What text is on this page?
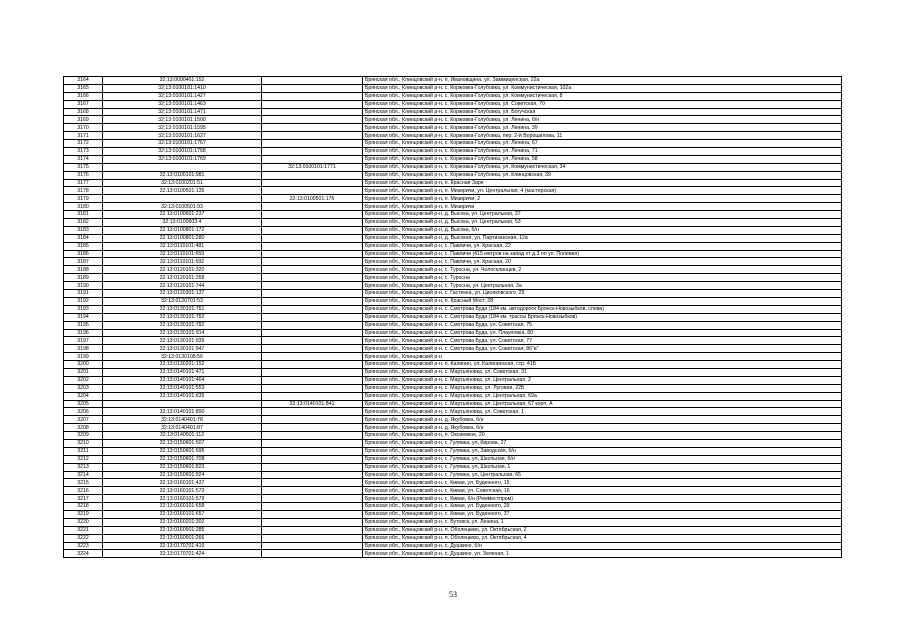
3164	32:13:0090401:152		Брянская обл., Клинцовский р-н, п. Ивановщина, ул. Заммиценская, 22а
3165	32:13:0100101:1410		Брянская обл., Клинцовский р-н, с. Коржовка-Голубовка, ул. Коммунистическая, 102а
3166	32:13:0100101:1427		Брянская обл., Клинцовский р-н, с. Коржовка-Голубовка, ул. Коммунистическая, 8
3167	32:13:0100101:1463		Брянская обл., Клинцовский р-н, с. Коржовка-Голубовка, ул. Советская, 70
3168	32:13:0100101:1471		Брянская обл., Клинцовский р-н, с. Коржовка-Голубовка, ул. Богучская
3169	32:13:0100101:1500		Брянская обл., Клинцовский р-н, с. Коржовка-Голубовка, ул. Ленина, б/н
3170	32:13:0100101:1595		Брянская обл., Клинцовский р-н, с. Коржовка-Голубовка, ул. Ленина, 39
3171	32:13:0100101:1627		Брянская обл., Клинцовский р-н, с. Коржовка-Голубовка, пер. 2-й Ворошилова, 11
3172	32:13:0100101:1767		Брянская обл., Клинцовский р-н, с. Коржовка-Голубовка, ул. Ленина, 67
3173	32:13:0100101:1768		Брянская обл., Клинцовский р-н, с. Коржовка-Голубовка, ул. Ленина, 71
3174	32:13:0100101:1769		Брянская обл., Клинцовский р-н, с. Коржовка-Голубовка, ул. Ленина, 58
3175		32:13:0100101:1771	Брянская обл., Клинцовский р-н, с. Коржовка-Голубовка, ул. Коммунистическая, 34
3176	32:13:0100101:981		Брянская обл., Клинцовский р-н, с. Коржовка-Голубовка, ул. Клинцовская, 39
3177	32:13:0100201:51		Брянская обл., Клинцовский р-н, п. Красная Заря
3178	32:13:0100501:135		Брянская обл., Клинцовский р-н, п. Мизиричи, ул. Центральная, 4 (мастерская)
3179		32:13:0100501:176	Брянская обл., Клинцовский р-н, п. Мизиричи, 2
3180	32:13:0100501:93		Брянская обл., Клинцовский р-н, п. Мизиричи
3181	32:13:0100601:237		Брянская обл., Клинцовский р-н, д. Высока, ул. Центральная, 37
3182	32:13:0100603:4		Брянская обл., Клинцовский р-н, д. Высока, ул. Центральная, 53
3183	32:13:0100801:172		Брянская обл., Клинцовский р-н, д. Высока, б/н
3184	32:13:0100801:280		Брянская обл., Клинцовский р-н, д. Высокая, ул. Партизанская, 12а
3185	32:13:0110101:481		Брянская обл., Клинцовский р-н, с. Павличи, ул. Красная, 22
3186	32:13:0110101:659		Брянская обл., Клинцовский р-н, с. Павличи (415 метров на запад от д.3 по ул. Полевая)
3187	32:13:0110101:692		Брянская обл., Клинцовский р-н, с. Павличи, ул. Красная, 20
3188	32:13:0120101:320		Брянская обл., Клинцовский р-н, с. Туросна, ул. Чолосклинцев, 2
3189	32:13:0120101:358		Брянская обл., Клинцовский р-н, с. Туросна
3190	32:13:0120101:744		Брянская обл., Клинцовский р-н, с. Туросна, ул. Центральная, 3а
3191	32:13:0120301:137		Брянская обл., Клинцовский р-н, с. Гастенка, ул. Циолковского, 29
3192	32:13:0120701:53		Брянская обл., Клинцовский р-н, п. Красный Мост, 28
3193	32:13:0130101:751		Брянская обл., Клинцовский р-н, с. Смотрова Буда (184 км. автодороги Брянск-Новозыбков, слева)
3194	32:13:0130101:752		Брянская обл., Клинцовский р-н, с. Смотрова Буда (184 км. трассы Брянск-Новозыбков)
3195	32:13:0130101:792		Брянская обл., Клинцовский р-н, с. Смотрова Буда, ул. Советская, 75
3196	32:13:0130101:914		Брянская обл., Клинцовский р-н, с. Смотрова Буда, ул. Плауновка, 80
3197	32:13:0130101:939		Брянская обл., Клинцовский р-н, с. Смотрова Буда, ул. Советская, 77
3198	32:13:0130101:947		Брянская обл., Клинцовский р-н, с. Смотрова Буда, ул. Советская, 86"в"
3199	32:13:0130108:56		Брянская обл., Клинцовский р-н
3200	32:13:0130201:152		Брянская обл., Клинцовский р-н, п. Калинин, ул. Калининская, стр. 41Б
3201	32:13:0140101:471		Брянская обл., Клинцовский р-н, с. Мартьяновка, ул. Советская, 31
3202	32:13:0140101:464		Брянская обл., Клинцовский р-н, с. Мартьяновка, ул. Центральная, 2
3203	32:13:0140101:553		Брянская обл., Клинцовский р-н, с. Мартьяновка, ул. Луговая, 22Б
3204	32:13:0140101:635		Брянская обл., Клинцовский р-н, с. Мартьяновка, ул. Центральная, 69а
3205		32:13:0140101:841	Брянская обл., Клинцовский р-н, с. Мартьяновка, ул. Центральная, 67 корп. А
3206	32:13:0140101:890		Брянская обл., Клинцовский р-н, с. Мартьяновка, ул. Советская, 1
3207	32:13:0140401:78		Брянская обл., Клинцовский р-н, д. Якубовка, б/н
3208	32:13:0140401:87		Брянская обл., Клинцовский р-н, д. Якубовка, б/н
3209	32:13:0140501:112		Брянская обл., Клинцовский р-н, п. Оксиевкое, 20
3210	32:13:0150601:507		Брянская обл., Клинцовский р-н, с. Гулевка, ул. Кирова, 27
3211	32:13:0150601:695		Брянская обл., Клинцовский р-н, с. Гулевка, ул. Заводская, б/н
3212	32:13:0150601:708		Брянская обл., Клинцовский р-н, с. Гулевка, ул. Школьная, б/н
3213	32:13:0150601:823		Брянская обл., Клинцовский р-н, с. Гулевка, ул. Школьная, 1
3214	32:13:0150601:924		Брянская обл., Клинцовский р-н, с. Гулевка, ул. Центральная, 65
3215	32:13:0160101:437		Брянская обл., Клинцовский р-н, с. Киваи, ул. Буденного, 15
3216	32:13:0160101:573		Брянская обл., Клинцовский р-н, с. Киваи, ул. Советская, 16
3217	32:13:0160101:579		Брянская обл., Клинцовский р-н, с. Киваи, б/н (Ремместпром)
3218	32:13:0160101:658		Брянская обл., Клинцовский р-н, с. Киваи, ул. Буденного, 29
3219	32:13:0160101:657		Брянская обл., Клинцовский р-н, с. Киваи, ул. Буденного, 37
3220	32:13:0160201:302		Брянская обл., Клинцовский р-н, с. Бутовск, ул. Ленина, 1
3221	32:13:0160501:285		Брянская обл., Клинцовский р-н, п. Оболешево, ул. Октябрьская, 2
3222	32:13:0160501:266		Брянская обл., Клинцовский р-н, п. Оболешево, ул. Октябрьская, 4
3223	32:13:0170701:419		Брянская обл., Клинцовский р-н, с. Душкино, б/н
3224	32:13:0170701:424		Брянская обл., Клинцовский р-н, с. Душкино, ул. Зеленая, 1
53
